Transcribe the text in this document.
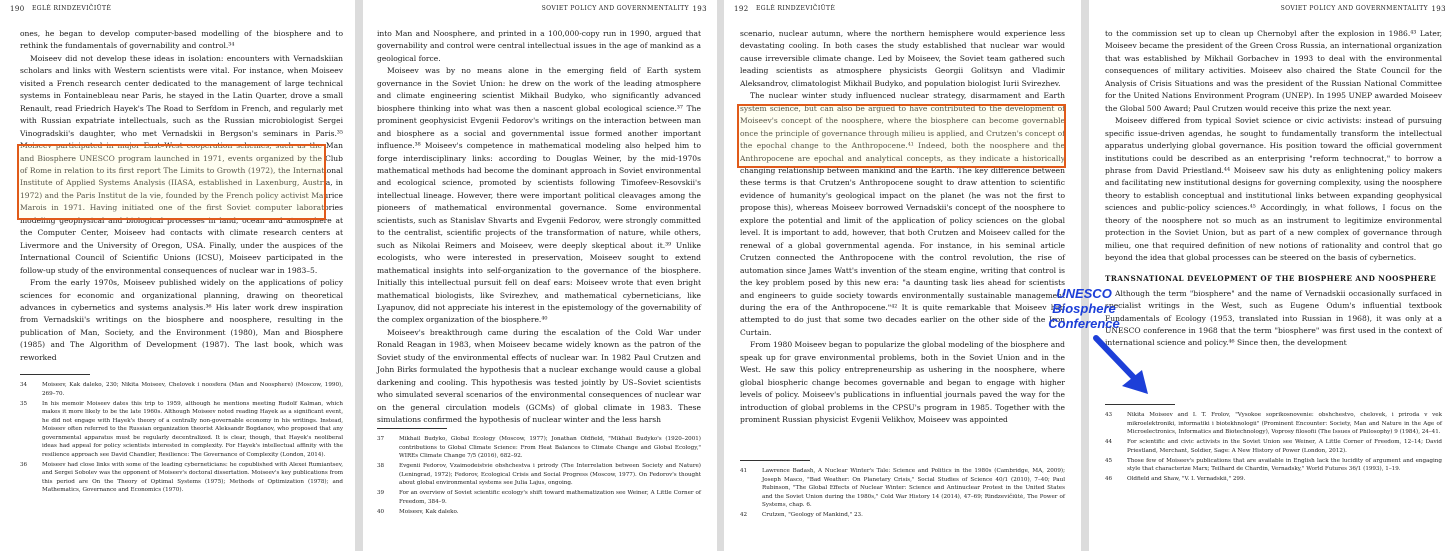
190 EGLĖ RINDZEVIČIŪTĖ

ones, he began to develop computer-based modelling of the biosphere and to rethink the fundamentals of governability and control.³⁴

Moiseev did not develop these ideas in isolation: encounters with Vernadskiian scholars and links with Western scientists were vital. For instance, when Moiseev visited a French research center dedicated to the management of large technical systems in Fontainebleau near Paris, he stayed in the Latin Quarter, drove a small Renault, read Friedrich Hayek's The Road to Serfdom in French, and regularly met with Russian expatriate intellectuals, such as the Russian microbiologist Sergei Vinogradskii's daughter, who met Vernadskii in Bergson's seminars in Paris.³⁵ Moiseev participated in major East–West cooperation schemes, such as the Man and Biosphere UNESCO program launched in 1971, events organized by the Club of Rome in relation to its first report The Limits to Growth (1972), the International Institute of Applied Systems Analysis (IIASA, established in Laxenburg, Austria, in 1972) and the Paris Institut de la vie, founded by the French policy activist Maurice Marois in 1971. Having initiated one of the first Soviet computer laboratories modeling geophysical and biological processes in land, ocean and atmosphere at the Computer Center, Moiseev had contacts with climate research centers at Livermore and the University of Oregon, USA. Finally, under the auspices of the International Council of Scientific Unions (ICSU), Moiseev participated in the follow-up study of the environmental consequences of nuclear war in 1983–5.

From the early 1970s, Moiseev published widely on the applications of policy sciences for economic and organizational planning, drawing on theoretical advances in cybernetics and systems analysis.³⁶ His later work drew inspiration from Vernadskii's writings on the biosphere and noosphere, resulting in the publication of Man, Society, and the Environment (1980), Man and Biosphere (1985) and The Algorithm of Development (1987). The last book, which was reworked

34	Moiseev, Kak daleko, 230; Nikita Moiseev, Chelovek i noosfera (Man and Noosphere) (Moscow, 1990), 269–70.
35	In his memoir Moiseev dates this trip to 1959, although he mentions meeting Rudolf Kalman, which makes it more likely to be the late 1960s. Although Moiseev noted reading Hayek as a significant event, he did not engage with Hayek's theory of a centrally non-governable economy in his writings. Instead, Moiseev often referred to the Russian organization theorist Aleksandr Bogdanov, who proposed that any governmental apparatus must be regularly decentralized. It is clear, though, that Hayek's neoliberal ideas had appeal for policy scientists interested in complexity. For Hayek's intellectual affinity with the resilience approach see David Chandler, Resilience: The Governance of Complexity (London, 2014).
36	Moiseev had close links with some of the leading cyberneticians: he copublished with Alexei Rumiantsev, and Sergei Sobolev was the opponent of Moiseev's doctoral dissertation. Moiseev's key publications from this period are On the Theory of Optimal Systems (1975); Methods of Optimization (1978); and Mathematics, Governance and Economics (1970).
SOVIET POLICY AND GOVERNMENTALITY 193

into Man and Noosphere, and printed in a 100,000-copy run in 1990, argued that governability and control were central intellectual issues in the age of mankind as a geological force.

Moiseev was by no means alone in the emerging field of Earth system governance in the Soviet Union: he drew on the work of the leading atmosphere and climate engineering scientist Mikhail Budyko, who significantly advanced biosphere thinking into what was then a nascent global ecological science.³⁷ The prominent geophysicist Evgenii Fedorov's writings on the interaction between man and biosphere as a social and governmental issue formed another important influence.³⁸ Moiseev's competence in mathematical modeling also helped him to forge interdisciplinary links: according to Douglas Weiner, by the mid-1970s mathematical methods had become the dominant approach in Soviet environmental and ecological science, promoted by scientists following Timofeev-Resovskii's intellectual lineage. However, there were important political cleavages among the pioneers of mathematical environmental governance. Some environmental scientists, such as Stanislav Shvarts and Evgenii Fedorov, were strongly committed to the centralist, scientific projects of the transformation of nature, while others, such as Nikolai Reimers and Moiseev, were deeply skeptical about it.³⁹ Unlike ecologists, who were interested in preservation, Moiseev sought to extend mathematical insights into self-organization to the governance of the biosphere. Initially this intellectual pursuit fell on deaf ears: Moiseev wrote that even bright mathematical biologists, like Svirezhev, and mathematical cyberneticians, like Lyapunov, did not appreciate his interest in the epistemology of the governability of the complex organization of the biosphere.⁴⁰

Moiseev's breakthrough came during the escalation of the Cold War under Ronald Reagan in 1983, when Moiseev became widely known as the patron of the Soviet study of the environmental effects of nuclear war. In 1982 Paul Crutzen and John Birks formulated the hypothesis that a nuclear exchange would cause a global darkening and cooling. This hypothesis was tested jointly by US–Soviet scientists who simulated several scenarios of the environmental consequences of nuclear war on the general circulation models (GCMs) of global climate in 1983. These simulations confirmed the hypothesis of nuclear winter and the less harsh

37	Mikhail Budyko, Global Ecology (Moscow, 1977); Jonathan Oldfield, "Mikhail Budyko's (1920–2001) contributions to Global Climate Science: From Heat Balances to Climate Change and Global Ecology," WIREs Climate Change 7/5 (2016), 682–92.
38	Evgenii Fedorov, Vzaimodeistvie obshchestva i prirody (The Interrelation between Society and Nature) (Leningrad, 1972); Fedorov, Ecological Crisis and Social Progress (Moscow, 1977). On Fedorov's thought about global environmental systems see Julia Lajus, ongoing.
39	For an overview of Soviet scientific ecology's shift toward mathematization see Weiner, A Little Corner of Freedom, 384–9.
40	Moiseev, Kak daleko.
192 EGLĖ RINDZEVIČIŪTĖ

scenario, nuclear autumn, where the northern hemisphere would experience less devastating cooling. In both cases the study established that nuclear war would cause irreversible climate change. Led by Moiseev, the Soviet team gathered such leading scientists as atmosphere physicists Georgii Golitsyn and Vladimir Aleksandrov, climatologist Mikhail Budyko, and population biologist Iurii Svirezhev.

The nuclear winter study influenced nuclear strategy, disarmament and Earth system science, but can also be argued to have contributed to the development of Moiseev's concept of the noosphere, where the biosphere can become governable once the principle of governance through milieu is applied, and Crutzen's concept of the epochal change to the Anthropocene.⁴¹ Indeed, both the noosphere and the Anthropocene are epochal and analytical concepts, as they indicate a historically changing relationship between mankind and the Earth. The key difference between these terms is that Crutzen's Anthropocene sought to draw attention to scientific evidence of humanity's geological impact on the planet (he was not the first to propose this), whereas Moiseev borrowed Vernadskii's concept of the noosphere to explore the potential and limit of the application of policy sciences on the global level. It is important to add, however, that both Crutzen and Moiseev called for the renewal of a global governmental agenda. For instance, in his seminal article Crutzen connected the Anthropocene with the control revolution, the rise of automation since James Watt's invention of the steam engine, writing that control is the key problem posed by this new era: "a daunting task lies ahead for scientists and engineers to guide society towards environmentally sustainable management during the era of the Anthropocene."⁴² It is quite remarkable that Moiseev had attempted to do just that some two decades earlier on the other side of the Iron Curtain.

From 1980 Moiseev began to popularize the global modeling of the biosphere and speak up for grave environmental problems, both in the Soviet Union and in the West. He saw this policy entrepreneurship as ushering in the noosphere, where global biospheric change becomes governable and began to engage with higher levels of policy. Moiseev's publications in influential journals paved the way for the introduction of global problems in the CPSU's program in 1985. Together with the prominent Russian physicist Evgenii Velikhov, Moiseev was appointed

41	Lawrence Badash, A Nuclear Winter's Tale: Science and Politics in the 1980s (Cambridge, MA, 2009); Joseph Masco, "Bad Weather: On Planetary Crisis," Social Studies of Science 40/1 (2010), 7–40; Paul Rubinson, "The Global Effects of Nuclear Winter: Science and Antinuclear Protest in the United States and the Soviet Union during the 1980s," Cold War History 14 (2014), 47–69; Rindzevičiūtė, The Power of Systems, chap. 6.
42	Crutzen, "Geology of Mankind," 23.
SOVIET POLICY AND GOVERNMENTALITY 193

to the commission set up to clean up Chernobyl after the explosion in 1986.⁴³ Later, Moiseev became the president of the Green Cross Russia, an international organization that was established by Mikhail Gorbachev in 1993 to deal with the environmental consequences of military activities. Moiseev also chaired the State Council for the Analysis of Crisis Situations and was the president of the Russian National Committee for the United Nations Environment Program (UNEP). In 1995 UNEP awarded Moiseev the Global 500 Award; Paul Crutzen would receive this prize the next year.

Moiseev differed from typical Soviet science or civic activists: instead of pursuing specific issue-driven agendas, he sought to fundamentally transform the intellectual apparatus underlying global governance. His position toward the official government institutions could be described as an enterprising "reform technocrat," to borrow a phrase from David Priestland.⁴⁴ Moiseev saw his duty as enlightening policy makers and facilitating new institutional designs for governing complexity, using the noosphere theory to establish conceptual and institutional links between expanding geophysical sciences and public-policy sciences.⁴⁵ Accordingly, in what follows, I focus on the theory of the noosphere not so much as an instrument to legitimize environmental protection in the Soviet Union, but as part of a new complex of governance through milieu, one that required definition of new notions of rationality and control that go beyond the idea that global processes can be steered on the basis of cybernetics.

TRANSNATIONAL DEVELOPMENT OF THE BIOSPHERE AND NOOSPHERE

Although the term "biosphere" and the name of Vernadskii occasionally surfaced in specialist writings in the West, such as Eugene Odum's influential textbook Fundamentals of Ecology (1953, translated into Russian in 1968), it was only at a UNESCO conference in 1968 that the term "biosphere" was first used in the context of international science and policy.⁴⁶ Since then, the development

43	Nikita Moiseev and I. T. Frolov, "Vysokoe soprikosnovenie: obshchestvo, chelovek, i priroda v vek mikroelektroniki, informatiki i biotekhnologii" (Prominent Encounter: Society, Man and Nature in the Age of Microelectronics, Informatics and Biotechnology), Voprosy filosofii (The Issues of Philosophy) 9 (1984), 24–41.
44	For scientific and civic activists in the Soviet Union see Weiner, A Little Corner of Freedom, 12–14; David Priestland, Merchant, Soldier, Sage: A New History of Power (London, 2012).
45	Those few of Moiseev's publications that are available in English lack the lucidity of argument and engaging style that characterize Marx; Teilhard de Chardin, Vernadsky," World Futures 36/1 (1993), 1–19.
46	Oldfield and Shaw, "V. I. Vernadskii," 299.
UNESCO Biosphere Conference
